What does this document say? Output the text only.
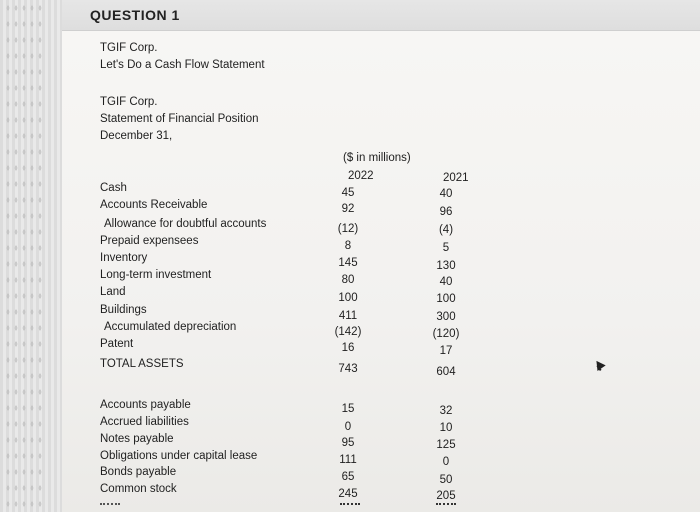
QUESTION 1
TGIF Corp.
Let's Do a Cash Flow Statement
TGIF Corp.
Statement of Financial Position
December 31,
($ in millions)
2022	2021
Cash	45	40
Accounts Receivable	92	96
Allowance for doubtful accounts	(12)	(4)
Prepaid expensees	8	5
Inventory	145	130
Long-term investment	80	40
Land	100	100
Buildings	411	300
Accumulated depreciation	(142)	(120)
Patent	16	17
TOTAL ASSETS	743	604
Accounts payable	15	32
Accrued liabilities	0	10
Notes payable	95	125
Obligations under capital lease	111	0
Bonds payable	65	50
Common stock	245	205
